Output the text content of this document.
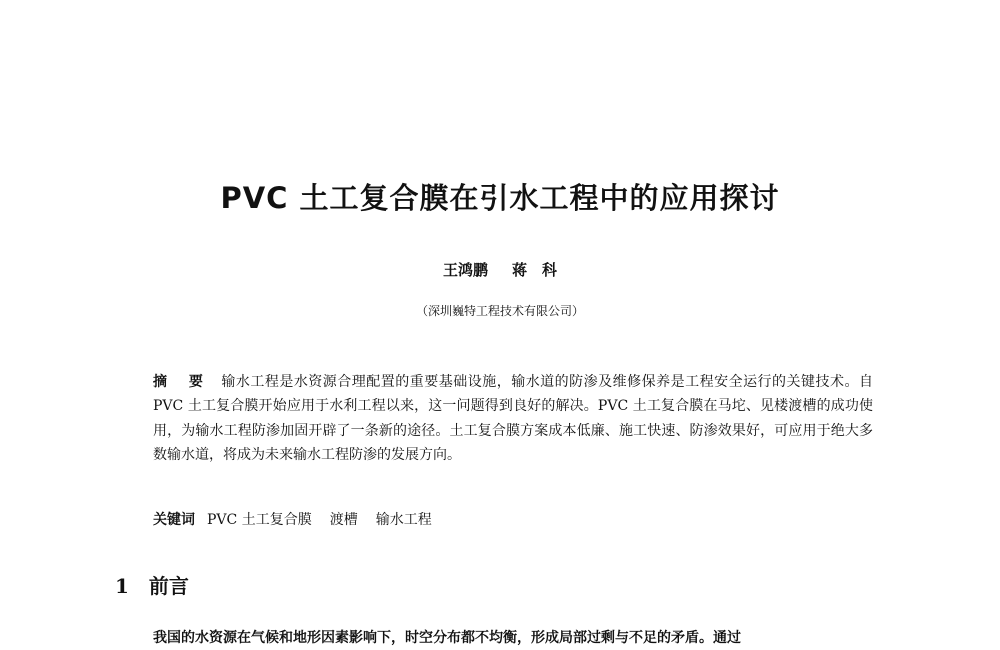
PVC 土工复合膜在引水工程中的应用探讨
王鸿鹏 蒋　科
（深圳巍特工程技术有限公司）
摘 要 输水工程是水资源合理配置的重要基础设施，输水道的防渗及维修保养是工程安全运行的关键技术。自 PVC 土工复合膜开始应用于水利工程以来，这一问题得到良好的解决。PVC 土工复合膜在马坨、见楼渡槽的成功使用，为输水工程防渗加固开辟了一条新的途径。土工复合膜方案成本低廉、施工快速、防渗效果好，可应用于绝大多数输水道，将成为未来输水工程防渗的发展方向。
关键词 PVC 土工复合膜 渡槽 输水工程
1 前言
我国的水资源在气候和地形因素影响下，时空分布都不均衡，形成局部过剩与不足的矛盾。通过
